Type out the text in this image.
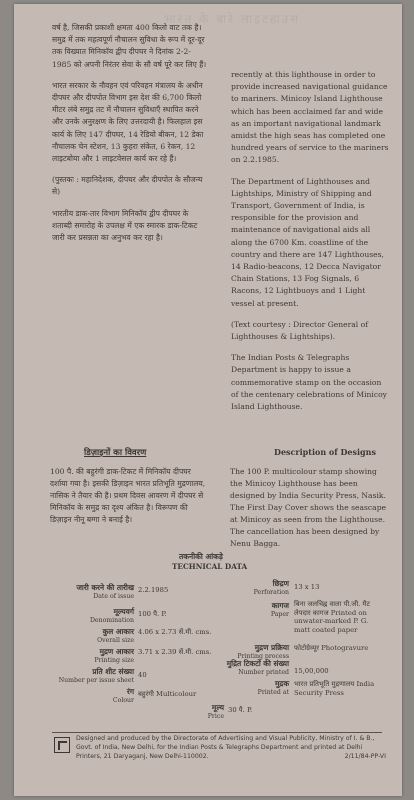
भारत के बारे लाइटहाउस

वर्ष है, जिसकी प्रकाशी क्षमता 400 किलो वाट तक है। समुद्र में तक महत्वपूर्ण नौचालन सुविधा के रूप में दूर-दूर तक विख्यात मिनिकॉय द्वीप दीपघर ने दिनांक 2-2-1985 को अपनी निरंतर सेवा के सौ वर्ष पूरे कर लिए हैं।

भारत सरकार के नौवहन एवं परिवहन मंत्रालय के अधीन दीपघर और दीपपोत विभाग इस देश की 6,700 किलो मीटर लंबे समुद्र तट में नौचालन सुविधाएँ स्थापित करने और उनके अनुरक्षण के लिए उत्तरदायी है। फिलहाल इस कार्य के लिए 147 दीपघर, 14 रेडियो बीकन, 12 डेका नौचालक चेन स्टेशन, 13 कुहरा संकेत, 6 रेकन, 12 लाइटबोया और 1 लाइटवेसल कार्य कर रहे हैं।

(पुस्तकः : महानिदेशक, दीपघर और दीपपोत के सौजन्य से)

भारतीय डाक-तार विभाग मिनिकॉय द्वीप दीपघर के शताब्दी समारोह के उपलक्ष में एक स्मारक डाक-टिकट जारी कर प्रसन्नता का अनुभव कर रहा है।

recently at this lighthouse in order to provide increased navigational guidance to mariners. Minicoy Island Lighthouse which has been acclaimed far and wide as an important navigational landmark amidst the high seas has completed one hundred years of service to the mariners on 2.2.1985.

The Department of Lighthouses and Lightships, Ministry of Shipping and Transport, Government of India, is responsible for the provision and maintenance of navigational aids all along the 6700 Km. coastline of the country and there are 147 Lighthouses, 14 Radio-beacons, 12 Decca Navigator Chain Stations, 13 Fog Signals, 6 Racons, 12 Lightbuoys and 1 Light vessel at present.

(Text courtesy : Director General of Lighthouses & Lightships).

The Indian Posts & Telegraphs Department is happy to issue a commemorative stamp on the occasion of the centenary celebrations of Minicoy Island Lighthouse.

डिज़ाइनों का विवरण	Description of Designs
100 पै. की बहुरंगी डाक-टिकट में मिनिकॉय दीपघर दर्शाया गया है। इसकी डिज़ाइन भारत प्रतिभूति मुद्रणालय, नासिक ने तैयार की है। प्रथम दिवस आवरण में दीपघर से मिनिकॉय के समुद्र का दृश्य अंकित है। विरूपण की डिज़ाइन नीनू बग्गा ने बनाई है।
The 100 P. multicolour stamp showing the Minicoy Lighthouse has been designed by India Security Press, Nasik. The First Day Cover shows the seascape at Minicoy as seen from the Lighthouse. The cancellation has been designed by Nenu Bagga.
तकनीकी आंकड़े
TECHNICAL DATA
जारी करने की तारीख
Date of issue
2.2.1985
मूल्यवर्ग
Denomination
100 पै. P.
कुल आकार
Overall size
4.06 x 2.73 सें.मी. cms.
मुद्रण आकार
Printing size
3.71 x 2.39 सें.मी. cms.
प्रति शीट संख्या
Number per issue sheet
40
रंग
Colour
बहुरंगी Multicolour
छिद्रण
Perforation
13 x 13
कागज
Paper
बिना जलचिह्न वाला पी.जी. मैट लेपदार कागज Printed on unwater-marked P. G. matt coated paper
मुद्रण प्रक्रिया
Printing process
फोटोग्रेव्यूर Photogravure
मुद्रित टिकटों की संख्या
Number printed 15,00,000
मुद्रक
Printed at
भारत प्रतिभूति मुद्रणालय India Security Press
मूल्य
Price
30 पै. P.
Designed and produced by the Directorate of Advertising and Visual Publicity, Ministry of I. & B., Govt. of India, New Delhi, for the Indian Posts & Telegraphs Department and printed at Delhi Printers, 21 Daryaganj, New Delhi-110002.	2/11/84-PP-VI
